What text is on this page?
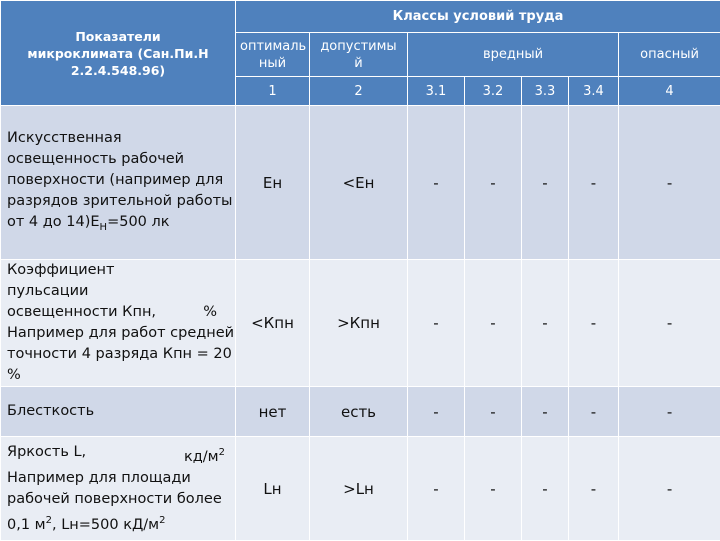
Показатели микроклимата (Сан.Пи.Н 2.2.4.548.96)	Классы условий труда						

	оптималь ный	допустимы й	вредный				опасный
	1	2	3.1	3.2	3.3	3.4	4
Искусственная освещенность рабочей поверхности (например для разрядов зрительной работы от 4 до $14)Е_Н=500$ лк	Ен	<Ен	-	-	-	-	-

Коэффициент пульсации освещенности Кпн, %
Например для работ средней точности 4 разряда Кпн = 20 %	<Кпн	>Кпн	-	-	-	-	-
Блесткость	нет	есть	-	-	-	-	-

Яркость L, $кд/м^2$
Например для площади рабочей поверхности более 0,1 $м^2$, Lн=500 $кД/м^2$	Lн	>Lн	-	-	-	-	-
